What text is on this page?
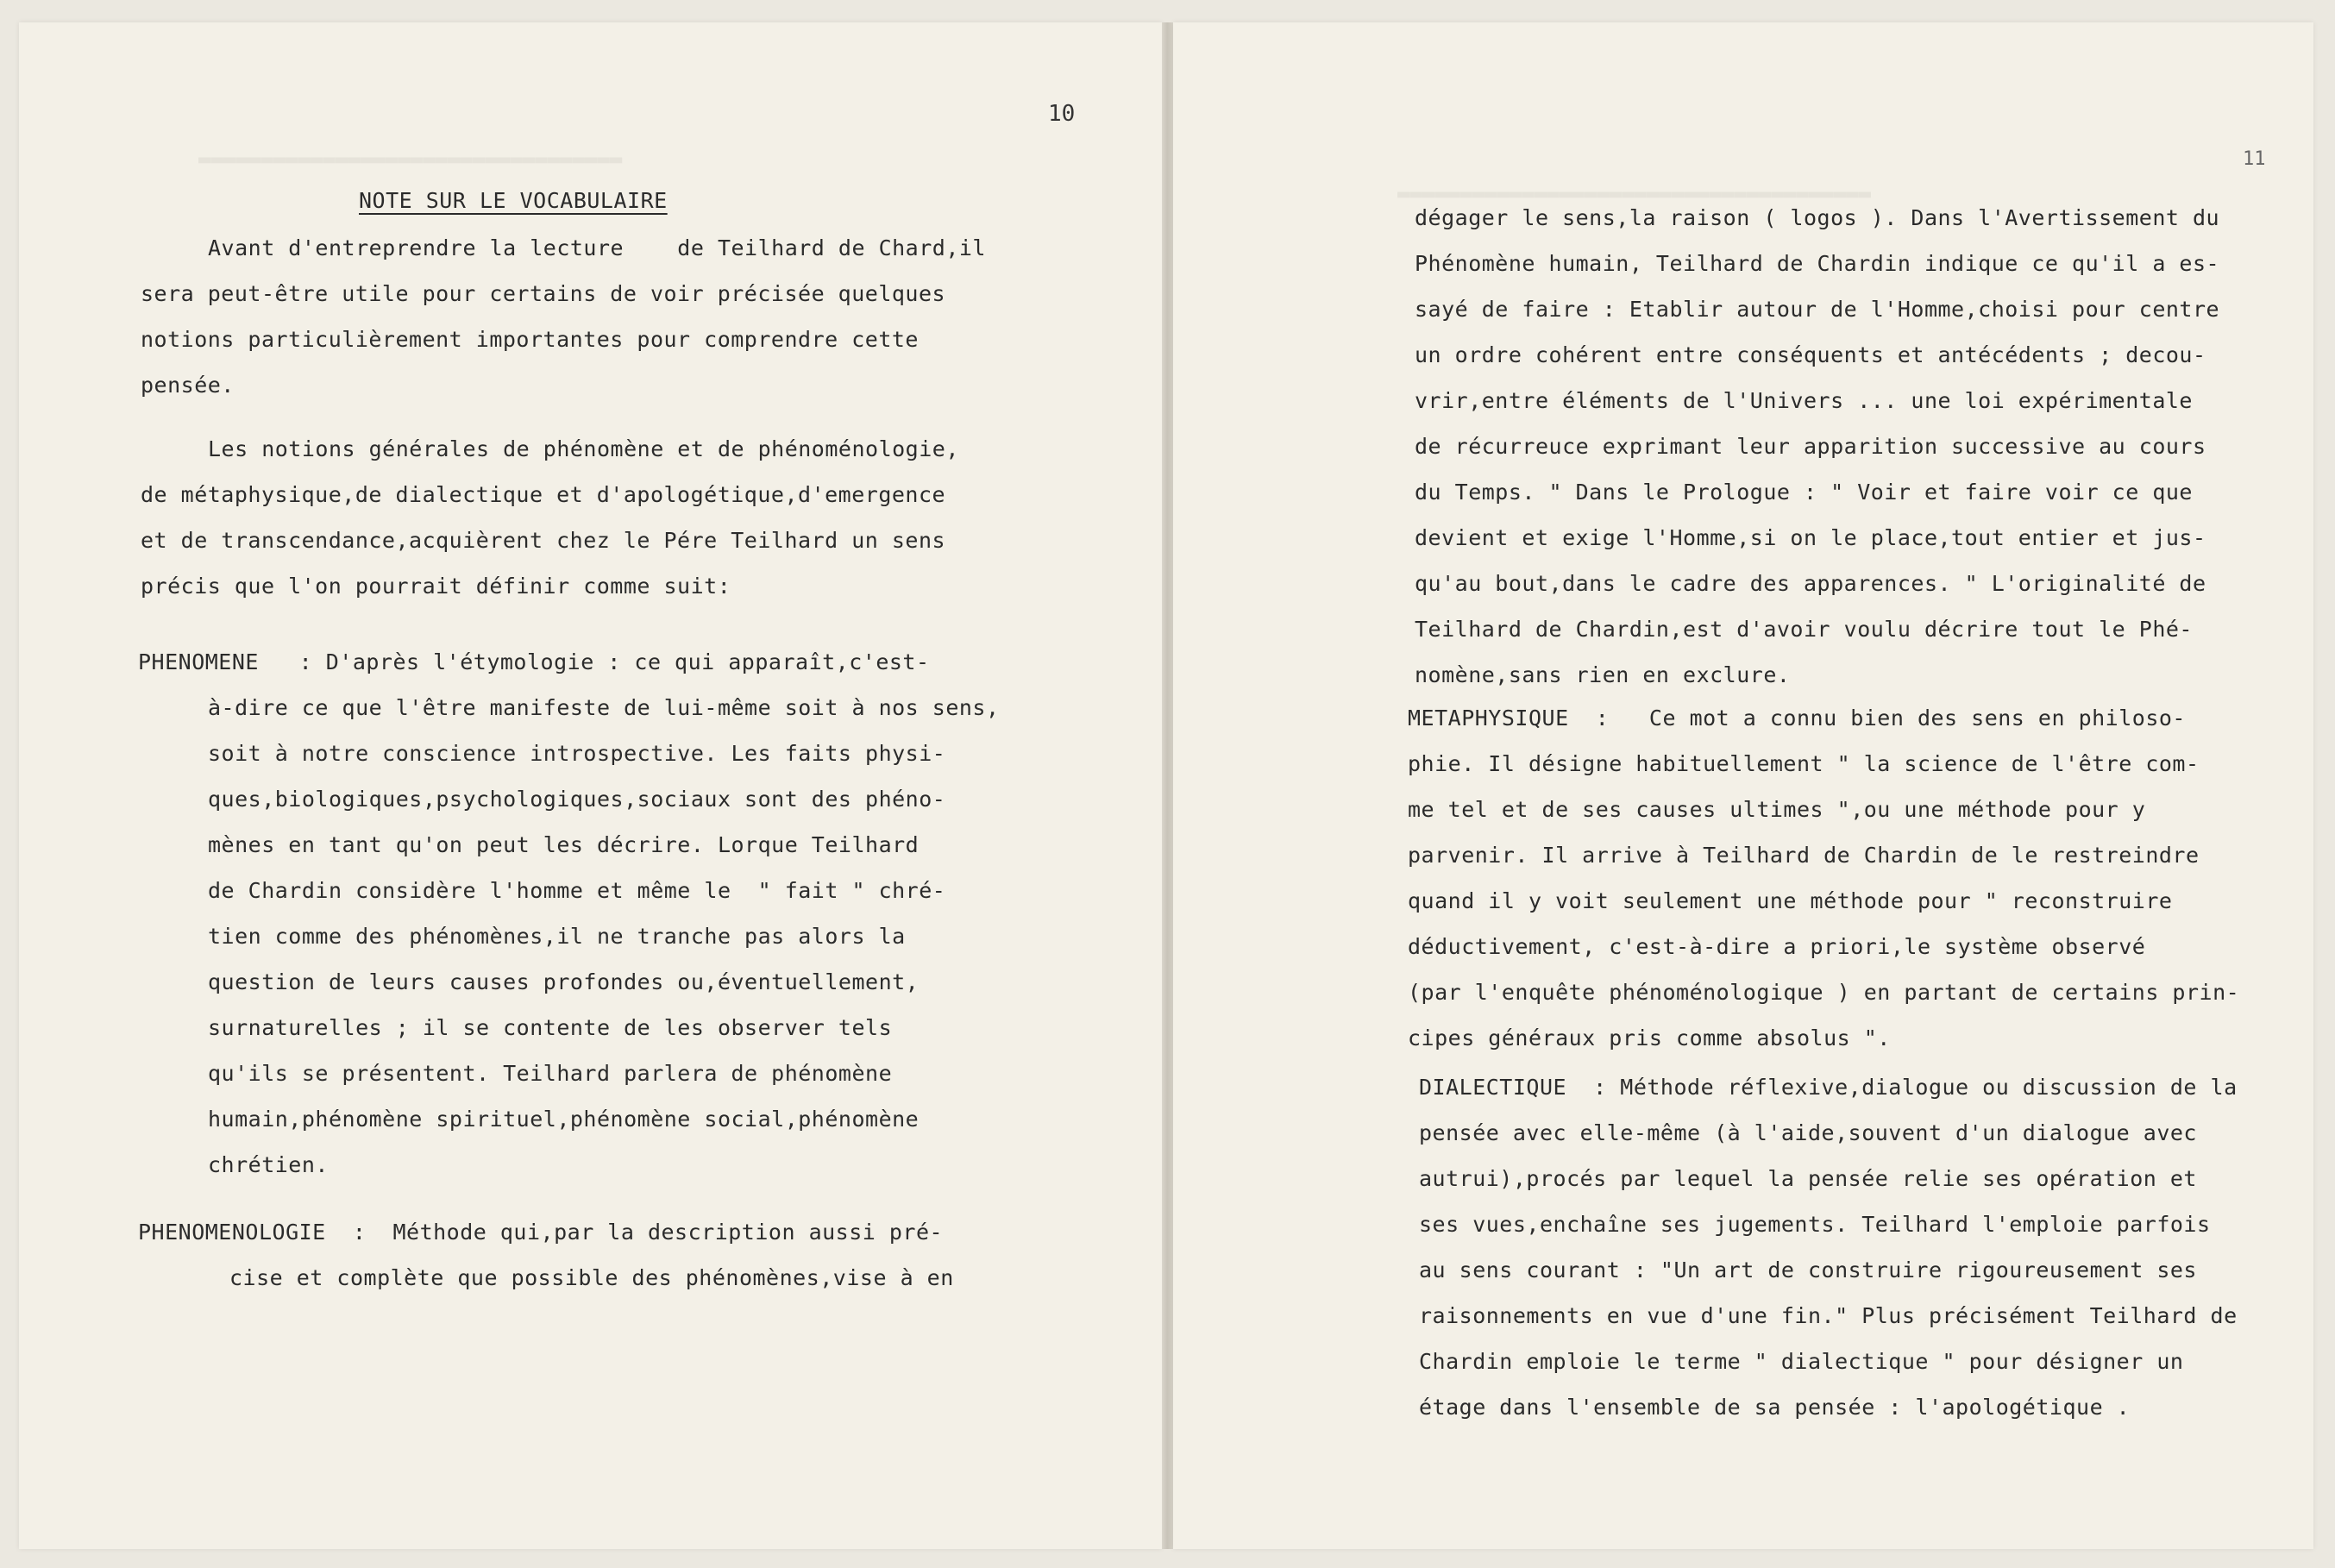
10
11
NOTE SUR LE VOCABULAIRE
Avant d'entreprendre la lecture    de Teilhard de Chard,il
sera peut-être utile pour certains de voir précisée quelques
notions particulièrement importantes pour comprendre cette
pensée.
Les notions générales de phénomène et de phénoménologie,
de métaphysique,de dialectique et d'apologétique,d'emergence
et de transcendance,acquièrent chez le Pére Teilhard un sens
précis que l'on pourrait définir comme suit:
PHENOMENE   : D'après l'étymologie : ce qui apparaît,c'est-
à-dire ce que l'être manifeste de lui-même soit à nos sens,
soit à notre conscience introspective. Les faits physi-
ques,biologiques,psychologiques,sociaux sont des phéno-
mènes en tant qu'on peut les décrire. Lorque Teilhard
de Chardin considère l'homme et même le  " fait " chré-
tien comme des phénomènes,il ne tranche pas alors la
question de leurs causes profondes ou,éventuellement,
surnaturelles ; il se contente de les observer tels
qu'ils se présentent. Teilhard parlera de phénomène
humain,phénomène spirituel,phénomène social,phénomène
chrétien.
PHENOMENOLOGIE  :  Méthode qui,par la description aussi pré-
cise et complète que possible des phénomènes,vise à en
dégager le sens,la raison ( logos ). Dans l'Avertissement du
Phénomène humain, Teilhard de Chardin indique ce qu'il a es-
sayé de faire : Etablir autour de l'Homme,choisi pour centre
un ordre cohérent entre conséquents et antécédents ; decou-
vrir,entre éléments de l'Univers ... une loi expérimentale
de récurreuce exprimant leur apparition successive au cours
du Temps. " Dans le Prologue : " Voir et faire voir ce que
devient et exige l'Homme,si on le place,tout entier et jus-
qu'au bout,dans le cadre des apparences. " L'originalité de
Teilhard de Chardin,est d'avoir voulu décrire tout le Phé-
nomène,sans rien en exclure.
METAPHYSIQUE  :   Ce mot a connu bien des sens en philoso-
phie. Il désigne habituellement " la science de l'être com-
me tel et de ses causes ultimes ",ou une méthode pour y
parvenir. Il arrive à Teilhard de Chardin de le restreindre
quand il y voit seulement une méthode pour " reconstruire
déductivement, c'est-à-dire a priori,le système observé
(par l'enquête phénoménologique ) en partant de certains prin-
cipes généraux pris comme absolus ".
DIALECTIQUE  : Méthode réflexive,dialogue ou discussion de la
pensée avec elle-même (à l'aide,souvent d'un dialogue avec
autrui),procés par lequel la pensée relie ses opération et
ses vues,enchaîne ses jugements. Teilhard l'emploie parfois
au sens courant : "Un art de construire rigoureusement ses
raisonnements en vue d'une fin." Plus précisément Teilhard de
Chardin emploie le terme " dialectique " pour désigner un
étage dans l'ensemble de sa pensée : l'apologétique .
